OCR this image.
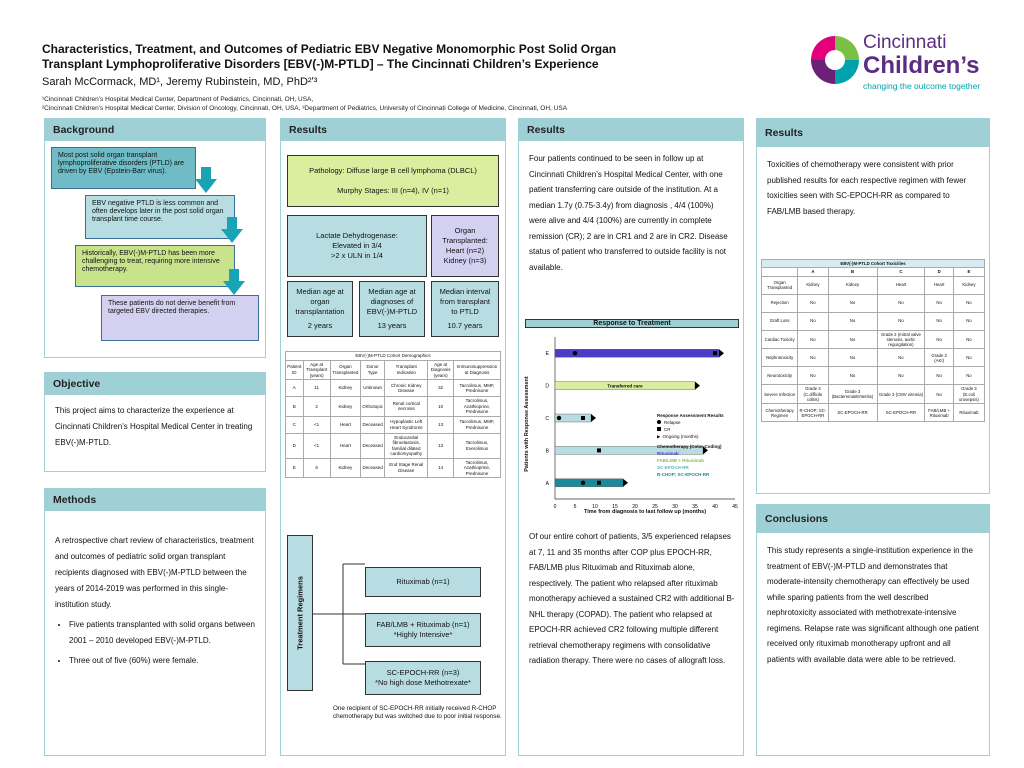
Characteristics, Treatment, and Outcomes of Pediatric EBV Negative Monomorphic Post Solid Organ
Transplant Lymphoproliferative Disorders [EBV(-)M-PTLD] – The Cincinnati Children’s Experience
Sarah McCormack, MD¹, Jeremy Rubinstein, MD, PhD²ʹ³
¹Cincinnati Children’s Hospital Medical Center, Department of Pediatrics, Cincinnati, OH, USA,
²Cincinnati Children’s Hospital Medical Center, Division of Oncology, Cincinnati, OH, USA, ³Department of Pediatrics, University of Cincinnati College of Medicine, Cincinnati, OH, USA
Cincinnati
Children’s
changing the outcome together
Background
Most post solid organ transplant lymphoproliferative disorders (PTLD) are driven by EBV (Epstein-Barr virus).
EBV negative PTLD is less common and often develops later in the post solid organ transplant time course.
Historically, EBV(-)M-PTLD has been more challenging to treat, requiring more intensive chemotherapy.
These patients do not derive benefit from targeted EBV directed therapies.
Objective
This project aims to characterize the experience at Cincinnati Children’s Hospital Medical Center in treating EBV(-)M-PTLD.
Methods
A retrospective chart review of characteristics, treatment and outcomes of pediatric solid organ transplant recipients diagnosed with EBV(-)M-PTLD between the years of 2014-2019 was performed in this single-institution study.
• Five patients transplanted with solid organs between 2001 – 2010 developed EBV(-)M-PTLD.
• Three out of five (60%) were female.
Results
Pathology: Diffuse large B cell lymphoma (DLBCL)
Murphy Stages: III (n=4), IV (n=1)
Lactate Dehydrogenase:
Elevated in 3/4
>2 x ULN in 1/4
Organ Transplanted:
Heart (n=2)
Kidney (n=3)
Median age at organ transplantation
2 years
Median age at diagnoses of EBV(-)M-PTLD
13 years
Median interval from transplant to PTLD
10.7 years
EBV(-)M-PTLD Cohort Demographics						
Patient ID	Age at Transplant (years)	Organ Transplanted	Donor Type	Transplant Indication	Age at Diagnosis (years)	Immunosuppression at Diagnosis
A	11	Kidney	Unknown	Chronic Kidney Disease	32	Tacrolimus, MMF, Prednisone
B	2	Kidney	Orthotopic	Renal cortical necrosis	10	Tacrolimus, Azathioprine, Prednisone
C	<1	Heart	Deceased	Hypoplastic Left Heart Syndrome	13	Tacrolimus, MMF, Prednisone
D	<1	Heart	Deceased	Endocardial fibroelastosis, familial dilated cardiomyopathy	13	Tacrolimus, Everolimus
E	6	Kidney	Deceased	End Stage Renal Disease	14	Tacrolimus, Azathioprine, Prednisone
Treatment Regimens	Rituximab (n=1)
FAB/LMB + Rituximab (n=1)
*Highly Intensive*
SC-EPOCH-RR (n=3)
*No high dose Methotrexate*
One recipient of SC-EPOCH-RR initially received R-CHOP chemotherapy but was switched due to poor initial response.
Results
Four patients continued to be seen in follow up at Cincinnati Children’s Hospital Medical Center, with one patient transferring care outside of the institution. At a median 1.7y (0.75-3.4y) from diagnosis , 4/4 (100%) were alive and 4/4 (100%) are currently in complete remission (CR); 2 are in CR1 and 2 are in CR2. Disease status of patient who transferred to outside facility is not available.
Response to Treatment
0	5	10	15	20	25	30	35	40	45
A
B
C
D
E
Transferred care
Patients with Response Assessment
Time from diagnosis to last follow up (months)
Response Assessment Results
Relapse
CR
▶ Ongoing (months)
Chemotherapy (Color-Coding)
Rituximab
FAB/LMB + Rituximab
SC-EPOCH-RR
R-CHOP; SC-EPOCH-RR
Of our entire cohort of patients, 3/5 experienced relapses at 7, 11 and 35 months after COP plus EPOCH-RR, FAB/LMB plus Rituximab and Rituximab alone, respectively. The patient who relapsed after rituximab monotherapy achieved a sustained CR2 with additional B-NHL therapy (COPAD). The patient who relapsed at EPOCH-RR achieved CR2 following multiple different retrieval chemotherapy regimens with consolidative radiation therapy. There were no cases of allograft loss.
Results
Toxicities of chemotherapy were consistent with prior published results for each respective regimen with fewer toxicities seen with SC-EPOCH-RR as compared to FAB/LMB based therapy.
EBV(-)M-PTLD Cohort Toxicities					
	A	B	C	D	E
Organ Transplanted	Kidney	Kidney	Heart	Heart	Kidney
Rejection	No	No	No	No	No
Graft Loss	No	No	No	No	No
Cardiac Toxicity	No	No	Grade 2 (mitral valve stenosis, aortic regurgitation)	No	No
Nephrotoxicity	No	No	No	Grade 2 (AKI)	No
Neurotoxicity	No	No	No	No	No
Severe Infection	Grade 3 (C.difficile colitis)	Grade 3 (Bacteremia/Enteritis)	Grade 3 (CMV viremia)	No	Grade 3 (E.coli urosepsis)
Chemotherapy Regimen	R-CHOP; SC-EPOCH-RR	SC-EPOCH-RR	SC-EPOCH-RR	FAB/LMB + Rituximab	Rituximab
Conclusions
This study represents a single-institution experience in the treatment of EBV(-)M-PTLD and demonstrates that moderate-intensity chemotherapy can effectively be used while sparing patients from the well described nephrotoxicity associated with methotrexate-intensive regimens. Relapse rate was significant although one patient received only rituximab monotherapy upfront and all patients with available data were able to be retrieved.
